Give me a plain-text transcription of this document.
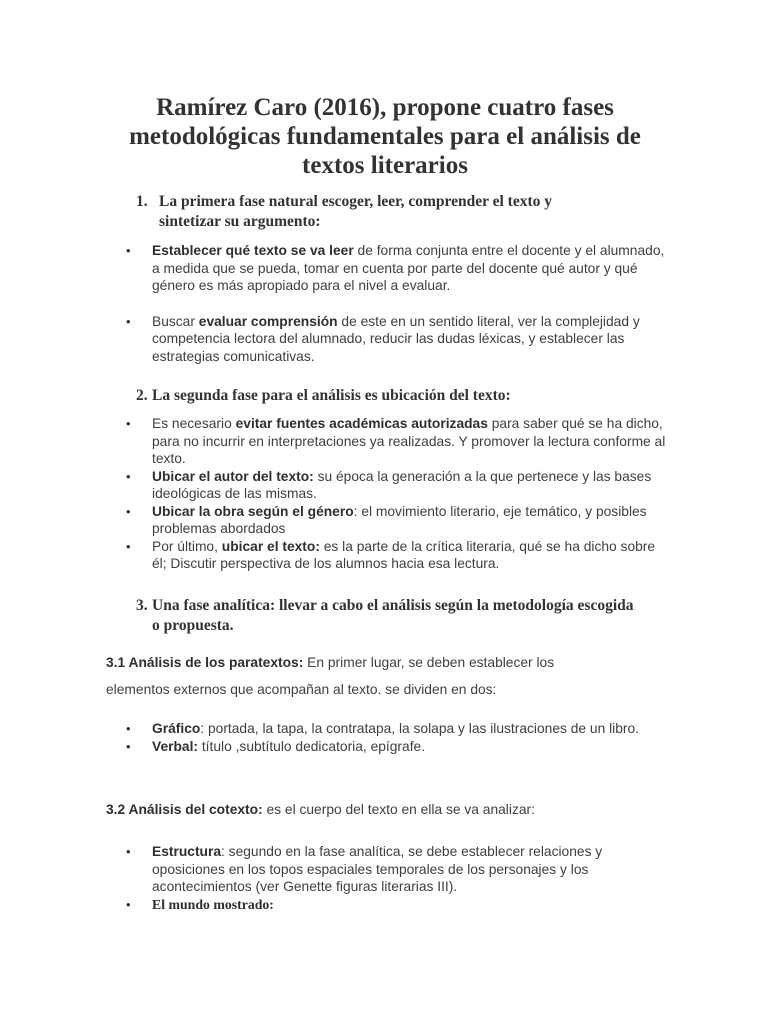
Ramírez Caro (2016), propone cuatro fases metodológicas fundamentales para el análisis de textos literarios
1. La primera fase natural escoger, leer, comprender el texto y sintetizar su argumento:
• Establecer qué texto se va leer de forma conjunta entre el docente y el alumnado, a medida que se pueda, tomar en cuenta por parte del docente qué autor y qué género es más apropiado para el nivel a evaluar.
• Buscar evaluar comprensión de este en un sentido literal, ver la complejidad y competencia lectora del alumnado, reducir las dudas léxicas, y establecer las estrategias comunicativas.
2. La segunda fase para el análisis es ubicación del texto:
• Es necesario evitar fuentes académicas autorizadas para saber qué se ha dicho, para no incurrir en interpretaciones ya realizadas. Y promover la lectura conforme al texto.
• Ubicar el autor del texto: su época la generación a la que pertenece y las bases ideológicas de las mismas.
• Ubicar la obra según el género: el movimiento literario, eje temático, y posibles problemas abordados
• Por último, ubicar el texto: es la parte de la crítica literaria, qué se ha dicho sobre él; Discutir perspectiva de los alumnos hacia esa lectura.
3. Una fase analítica: llevar a cabo el análisis según la metodología escogida o propuesta.

3.1 Análisis de los paratextos: En primer lugar, se deben establecer los

elementos externos que acompañan al texto. se dividen en dos:

• Gráfico: portada, la tapa, la contratapa, la solapa y las ilustraciones de un libro.
• Verbal: título ,subtítulo dedicatoria, epígrafe.

3.2 Análisis del cotexto: es el cuerpo del texto en ella se va analizar:

• Estructura: segundo en la fase analítica, se debe establecer relaciones y oposiciones en los topos espaciales temporales de los personajes y los acontecimientos (ver Genette figuras literarias III).
• El mundo mostrado:
